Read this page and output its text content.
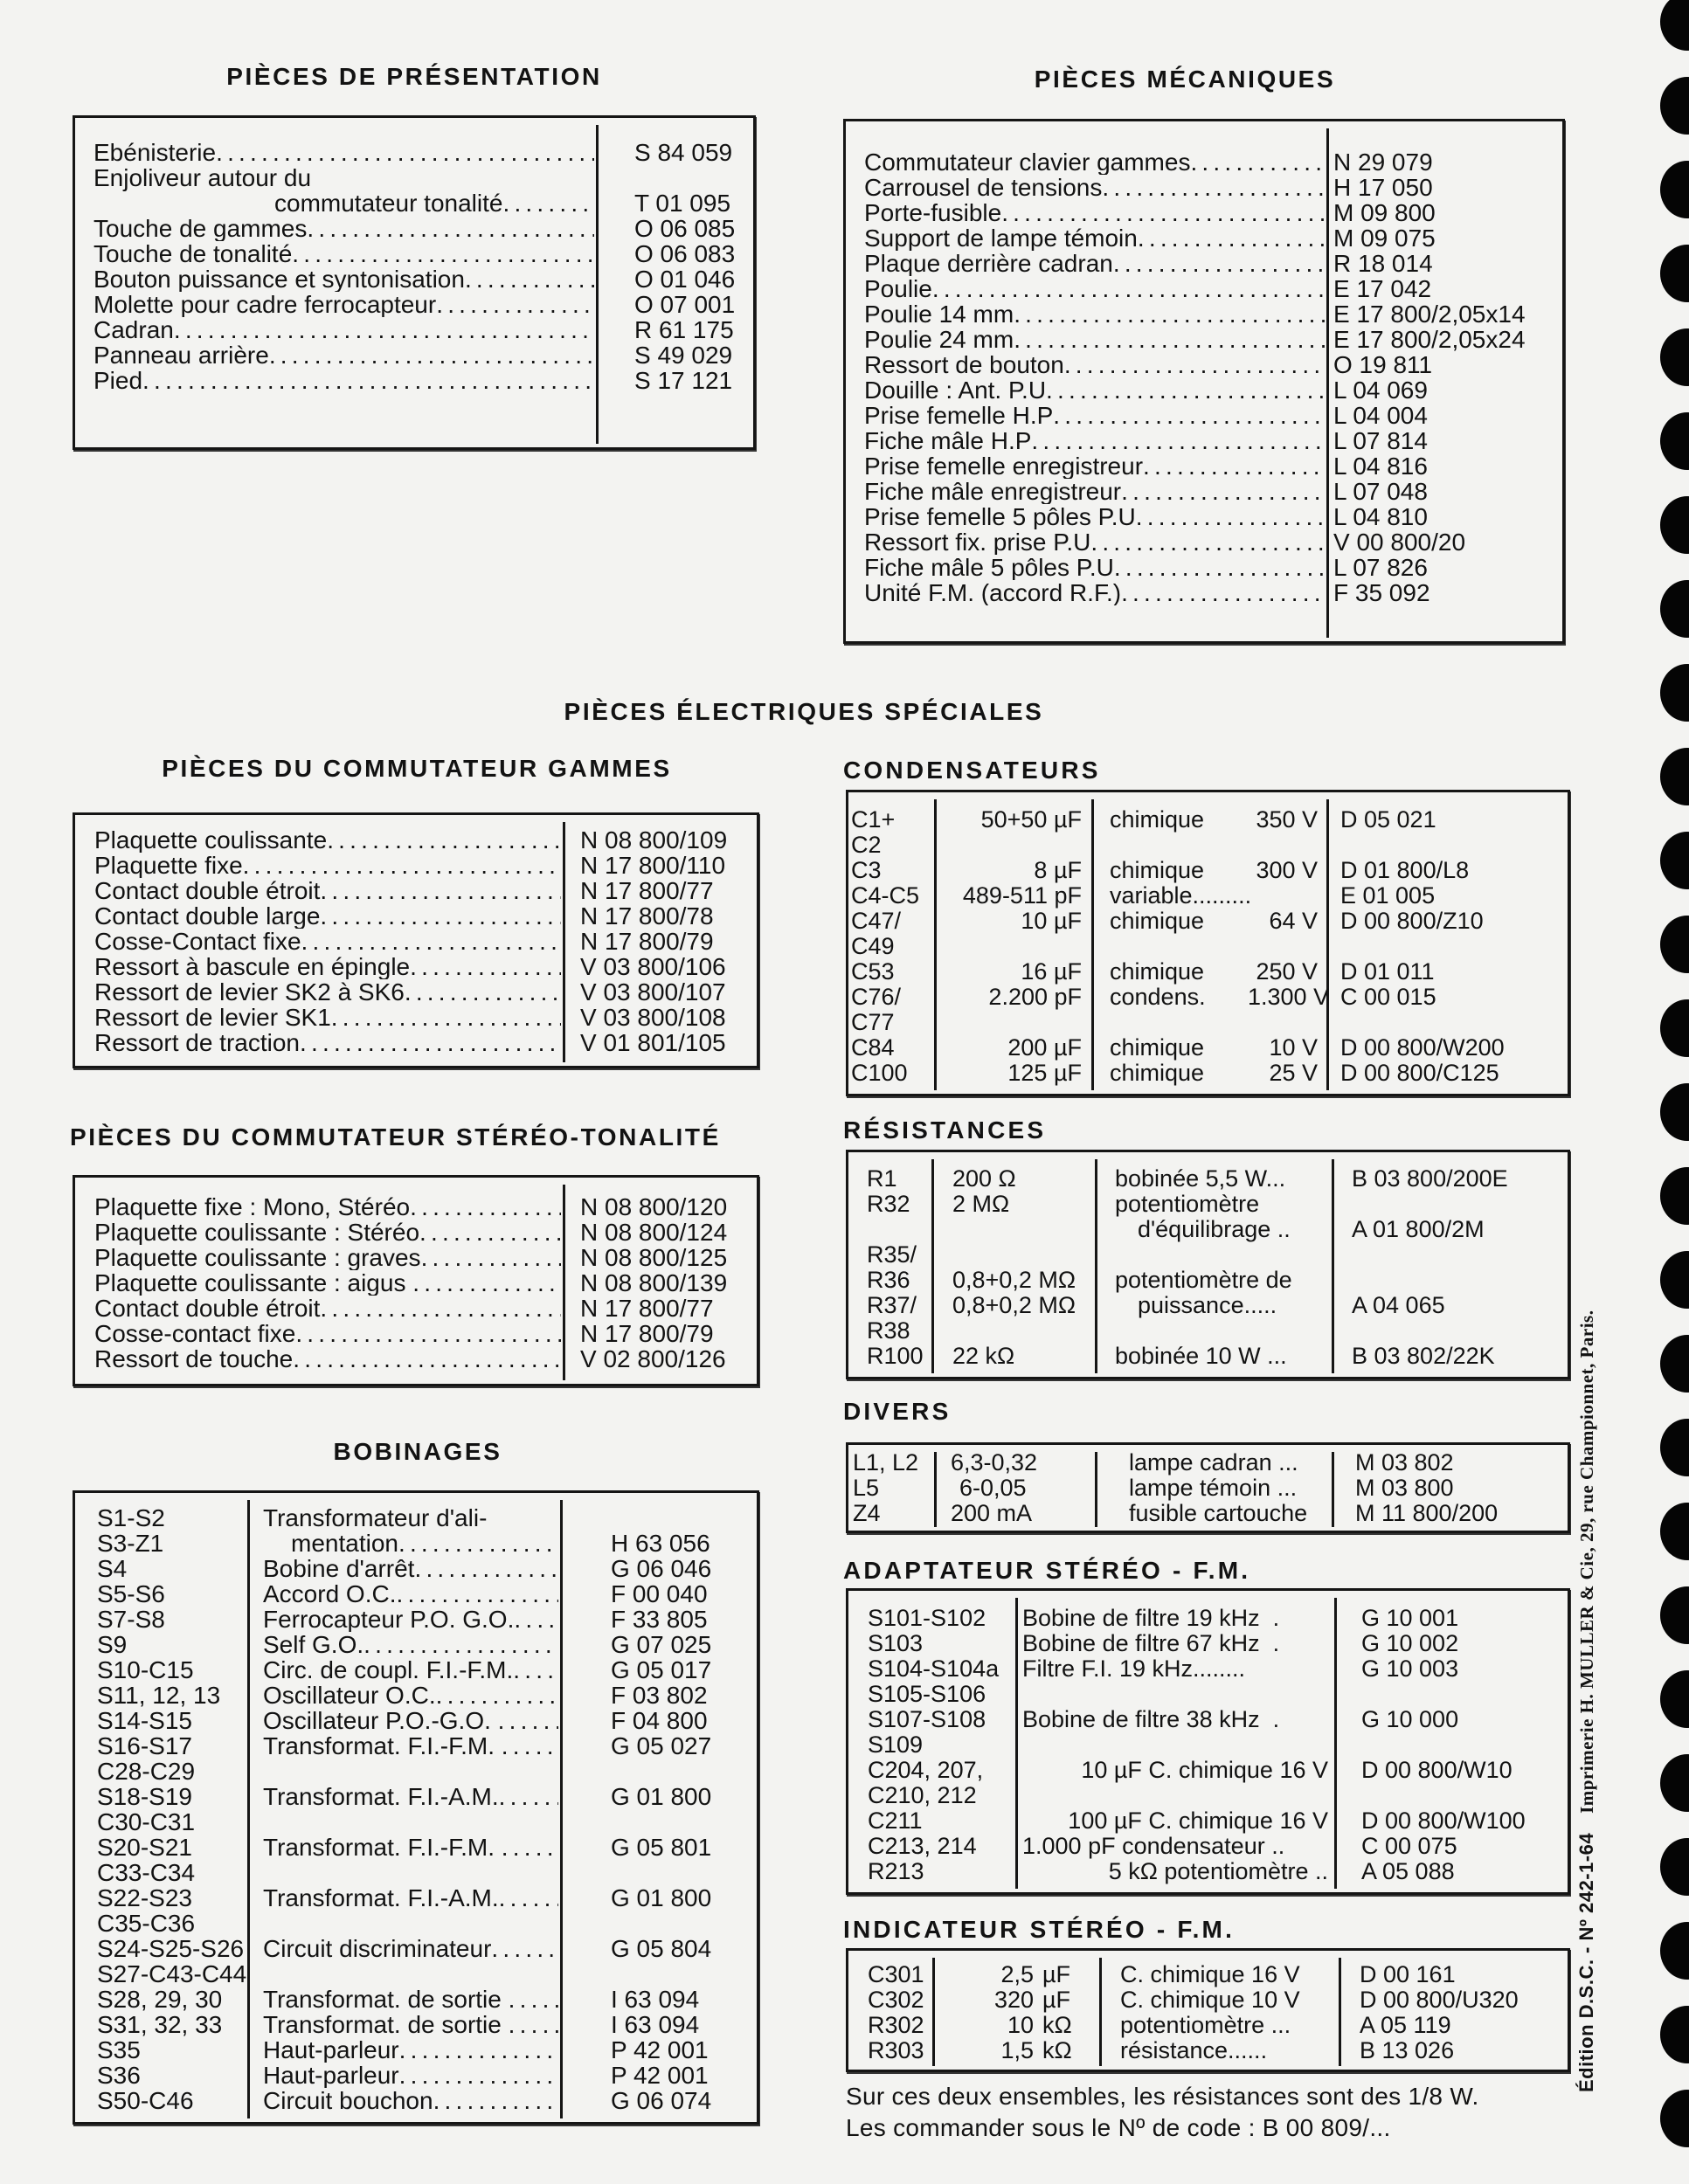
PIÈCES DE PRÉSENTATION
Ebénisterie .....	S 84 059
Enjoliveur autour du
commutateur tonalité .....	T 01 095
Touche de gammes .....	O 06 085
Touche de tonalité .....	O 06 083
Bouton puissance et syntonisation .....	O 01 046
Molette pour cadre ferrocapteur .....	O 07 001
Cadran .....	R 61 175
Panneau arrière .....	S 49 029
Pied .....	S 17 121
PIÈCES MÉCANIQUES
Commutateur clavier gammes .....	N 29 079
Carrousel de tensions .....	H 17 050
Porte-fusible .....	M 09 800
Support de lampe témoin .....	M 09 075
Plaque derrière cadran .....	R 18 014
Poulie .....	E 17 042
Poulie 14 mm .....	E 17 800/2,05x14
Poulie 24 mm .....	E 17 800/2,05x24
Ressort de bouton .....	O 19 811
Douille : Ant. P.U .....	L 04 069
Prise femelle H.P .....	L 04 004
Fiche mâle H.P .....	L 07 814
Prise femelle enregistreur .....	L 04 816
Fiche mâle enregistreur .....	L 07 048
Prise femelle 5 pôles P.U .....	L 04 810
Ressort fix. prise P.U .....	V 00 800/20
Fiche mâle 5 pôles P.U .....	L 07 826
Unité F.M. (accord R.F.) .....	F 35 092
PIÈCES ÉLECTRIQUES SPÉCIALES
PIÈCES DU COMMUTATEUR GAMMES
Plaquette coulissante .....	N 08 800/109
Plaquette fixe .....	N 17 800/110
Contact double étroit .....	N 17 800/77
Contact double large .....	N 17 800/78
Cosse-Contact fixe .....	N 17 800/79
Ressort à bascule en épingle .....	V 03 800/106
Ressort de levier SK2 à SK6 .....	V 03 800/107
Ressort de levier SK1 .....	V 03 800/108
Ressort de traction .....	V 01 801/105
PIÈCES DU COMMUTATEUR STÉRÉO-TONALITÉ
Plaquette fixe : Mono, Stéréo .....	N 08 800/120
Plaquette coulissante : Stéréo .....	N 08 800/124
Plaquette coulissante : graves .....	N 08 800/125
Plaquette coulissante : aigus .....	N 08 800/139
Contact double étroit .....	N 17 800/77
Cosse-contact fixe .....	N 17 800/79
Ressort de touche .....	V 02 800/126
BOBINAGES
S1-S2	Transformateur d'ali-
S3-Z1	mentation .....	H 63 056
S4	Bobine d'arrêt .....	G 06 046
S5-S6	Accord O.C. .....	F 00 040
S7-S8	Ferrocapteur P.O. G.O. .....	F 33 805
S9	Self G.O. .....	G 07 025
S10-C15	Circ. de coupl. F.I.-F.M. .....	G 05 017
S11, 12, 13	Oscillateur O.C. .....	F 03 802
S14-S15	Oscillateur P.O.-G.O. .....	F 04 800
S16-S17	Transformat. F.I.-F.M. .....	G 05 027
C28-C29
S18-S19	Transformat. F.I.-A.M. .....	G 01 800
C30-C31
S20-S21	Transformat. F.I.-F.M. .....	G 05 801
C33-C34
S22-S23	Transformat. F.I.-A.M. .....	G 01 800
C35-C36
S24-S25-S26 Circuit discriminateur .....	G 05 804
S27-C43-C44
S28, 29, 30	Transformat. de sortie .....	I 63 094
S31, 32, 33	Transformat. de sortie .....	I 63 094
S35	Haut-parleur .....	P 42 001
S36	Haut-parleur .....	P 42 001
S50-C46	Circuit bouchon .....	G 06 074
CONDENSATEURS
C1+	50+50 µF	chimique	350 V D 05 021
C2
C3	8 µF	chimique	300 V D 01 800/L8
C4-C5	489-511 pF	variable.........	E 01 005
C47/	10 µF	chimique	64 V D 00 800/Z10
C49
C53	16 µF	chimique	250 V D 01 011
C76/	2.200 pF	condens.	1.300 V C 00 015
C77
C84	200 µF	chimique	10 V D 00 800/W200
C100	125 µF	chimique	25 V D 00 800/C125
RÉSISTANCES
R1	200 Ω	bobinée 5,5 W...	B 03 800/200E
R32	2 MΩ	potentiomètre
d'équilibrage ..	A 01 800/2M
R35/
R36	0,8+0,2 MΩ	potentiomètre de
R37/	0,8+0,2 MΩ	puissance.....	A 04 065
R38
R100	22 kΩ	bobinée 10 W ...	B 03 802/22K
DIVERS
L1, L2	6,3-0,32	lampe cadran ...	M 03 802
L5	6-0,05	lampe témoin ...	M 03 800
Z4	200 mA	fusible cartouche	M 11 800/200
ADAPTATEUR STÉRÉO - F.M.
S101-S102	Bobine de filtre 19 kHz  .	G 10 001
S103	Bobine de filtre 67 kHz  .	G 10 002
S104-S104a Filtre F.I. 19 kHz........	G 10 003
S105-S106
S107-S108	Bobine de filtre 38 kHz  .	G 10 000
S109
C204, 207,	10 µF C. chimique 16 V	D 00 800/W10
C210, 212
C211	100 µF C. chimique 16 V	D 00 800/W100
C213, 214	1.000 pF condensateur ..	C 00 075
R213	5 kΩ potentiomètre ..	A 05 088
INDICATEUR STÉRÉO - F.M.
C301	2,5 µF	C. chimique 16 V	D 00 161
C302	320 µF	C. chimique 10 V	D 00 800/U320
R302	10 kΩ	potentiomètre ...	A 05 119
R303	1,5 kΩ	résistance......	B 13 026
Sur ces deux ensembles, les résistances sont des 1/8 W.
Les commander sous le Nº de code : B 00 809/...
Édition D.S.C. - Nº 242-1-64Imprimerie H. MULLER & Cie, 29, rue Championnet, Paris.
